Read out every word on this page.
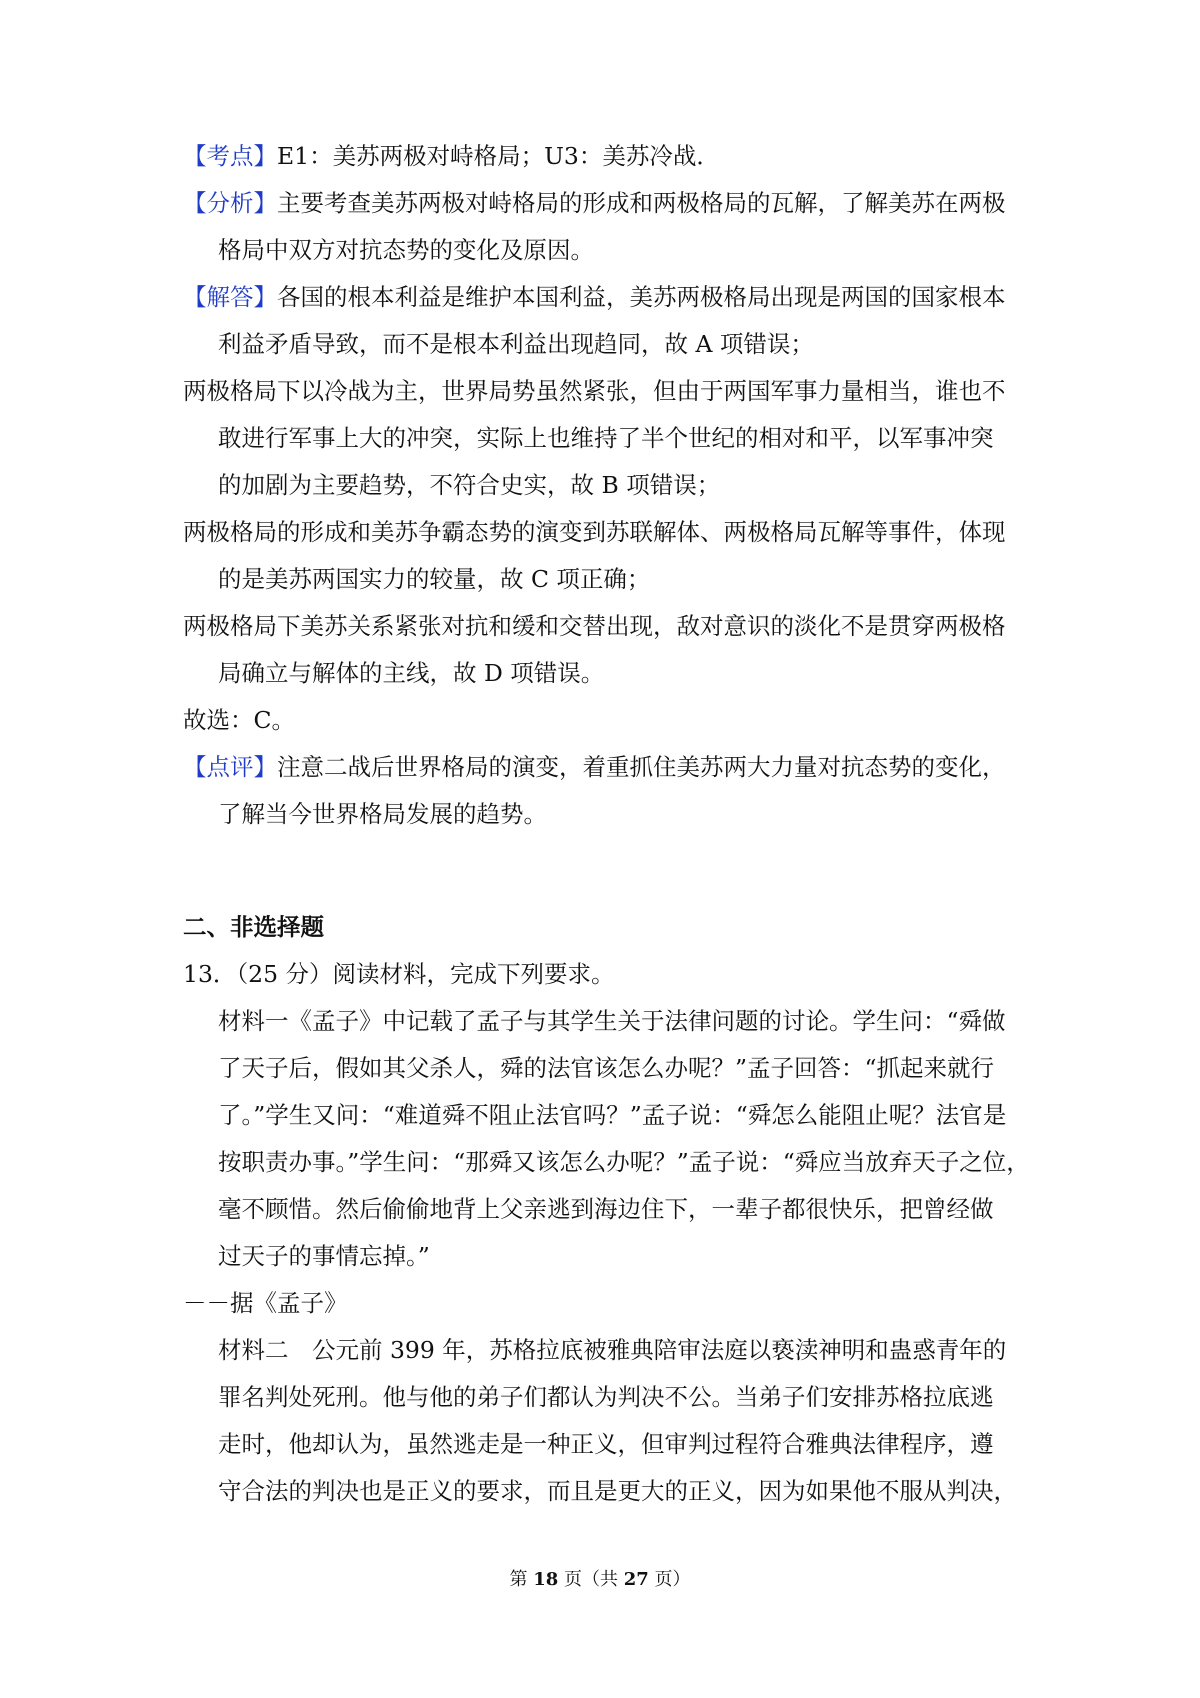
【考点】E1：美苏两极对峙格局；U3：美苏冷战．
【分析】主要考查美苏两极对峙格局的形成和两极格局的瓦解，了解美苏在两极
格局中双方对抗态势的变化及原因。
【解答】各国的根本利益是维护本国利益，美苏两极格局出现是两国的国家根本
利益矛盾导致，而不是根本利益出现趋同，故 A 项错误；
两极格局下以冷战为主，世界局势虽然紧张，但由于两国军事力量相当，谁也不
敢进行军事上大的冲突，实际上也维持了半个世纪的相对和平，以军事冲突
的加剧为主要趋势，不符合史实，故 B 项错误；
两极格局的形成和美苏争霸态势的演变到苏联解体、两极格局瓦解等事件，体现
的是美苏两国实力的较量，故 C 项正确；
两极格局下美苏关系紧张对抗和缓和交替出现，敌对意识的淡化不是贯穿两极格
局确立与解体的主线，故 D 项错误。
故选：C。
【点评】注意二战后世界格局的演变，着重抓住美苏两大力量对抗态势的变化，
了解当今世界格局发展的趋势。
二、非选择题
13．（25 分）阅读材料，完成下列要求。
材料一《孟子》中记载了孟子与其学生关于法律问题的讨论。学生问：“舜做
了天子后，假如其父杀人，舜的法官该怎么办呢？”孟子回答：“抓起来就行
了。”学生又问：“难道舜不阻止法官吗？”孟子说：“舜怎么能阻止呢？法官是
按职责办事。”学生问：“那舜又该怎么办呢？”孟子说：“舜应当放弃天子之位，
毫不顾惜。然后偷偷地背上父亲逃到海边住下，一辈子都很快乐，把曾经做
过天子的事情忘掉。”
－－据《孟子》
材料二　公元前 399 年，苏格拉底被雅典陪审法庭以亵渎神明和蛊惑青年的
罪名判处死刑。他与他的弟子们都认为判决不公。当弟子们安排苏格拉底逃
走时，他却认为，虽然逃走是一种正义，但审判过程符合雅典法律程序，遵
守合法的判决也是正义的要求，而且是更大的正义，因为如果他不服从判决，
第 18 页（共 27 页）
